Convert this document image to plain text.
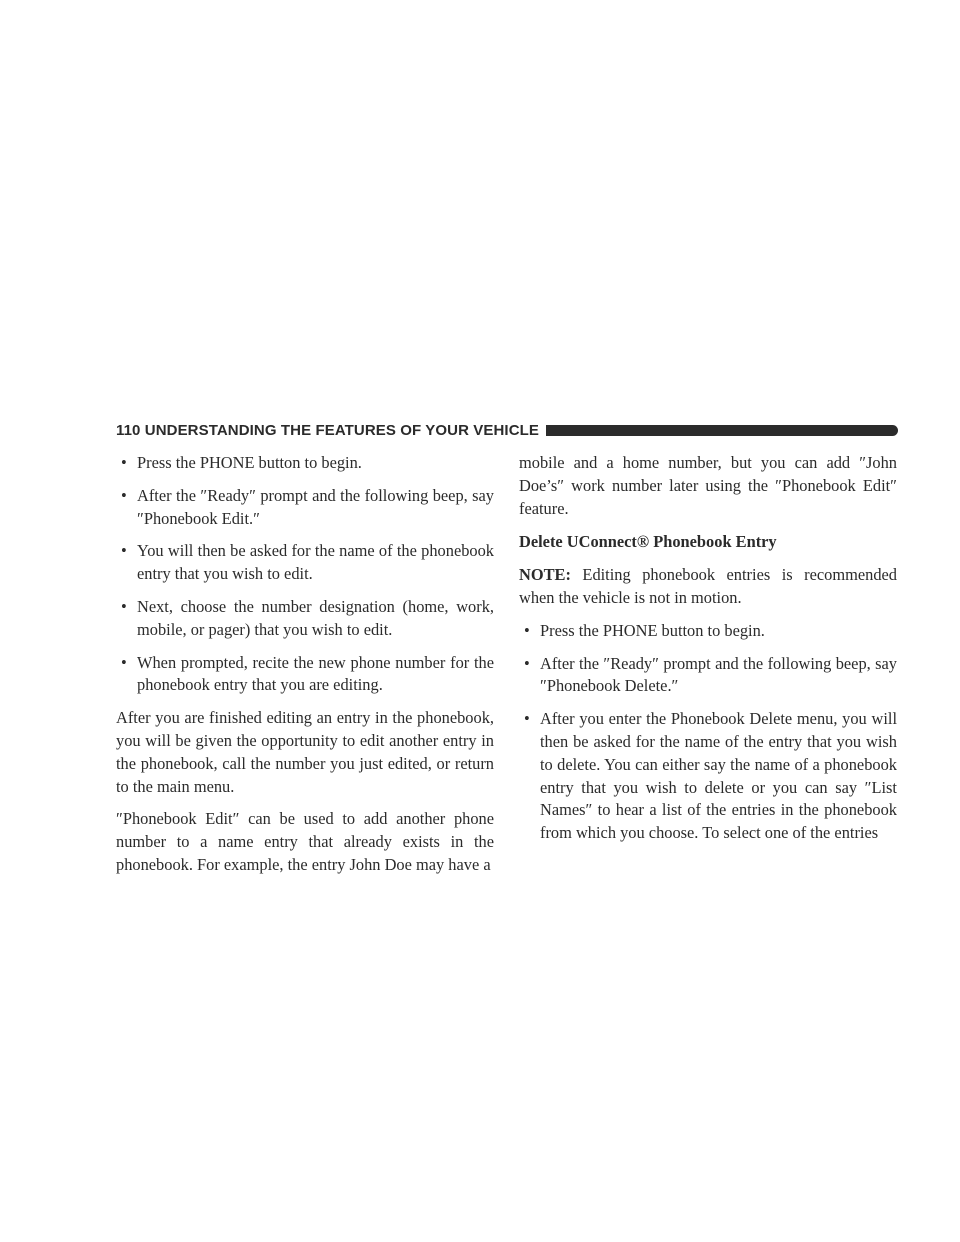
110 UNDERSTANDING THE FEATURES OF YOUR VEHICLE
• Press the PHONE button to begin.
• After the ″Ready″ prompt and the following beep, say ″Phonebook Edit.″
• You will then be asked for the name of the phonebook entry that you wish to edit.
• Next, choose the number designation (home, work, mobile, or pager) that you wish to edit.
• When prompted, recite the new phone number for the phonebook entry that you are editing.

After you are finished editing an entry in the phonebook, you will be given the opportunity to edit another entry in the phonebook, call the number you just edited, or return to the main menu.

″Phonebook Edit″ can be used to add another phone number to a name entry that already exists in the phonebook. For example, the entry John Doe may have a

mobile and a home number, but you can add ″John Doe’s″ work number later using the ″Phonebook Edit″ feature.

Delete UConnect® Phonebook Entry

NOTE: Editing phonebook entries is recommended when the vehicle is not in motion.

• Press the PHONE button to begin.
• After the ″Ready″ prompt and the following beep, say ″Phonebook Delete.″
• After you enter the Phonebook Delete menu, you will then be asked for the name of the entry that you wish to delete. You can either say the name of a phonebook entry that you wish to delete or you can say ″List Names″ to hear a list of the entries in the phonebook from which you choose. To select one of the entries
